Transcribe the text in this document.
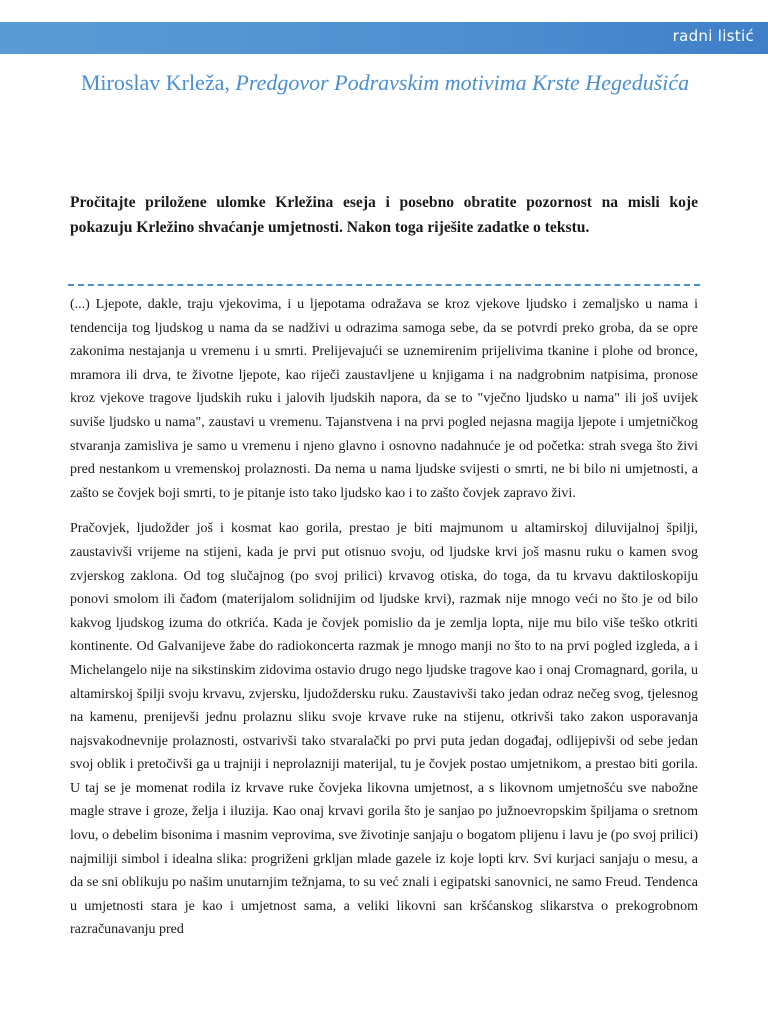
radni listić
Miroslav Krleža, Predgovor Podravskim motivima Krste Hegedušića
Pročitajte priložene ulomke Krležina eseja i posebno obratite pozornost na misli koje pokazuju Krležino shvaćanje umjetnosti. Nakon toga riješite zadatke o tekstu.

(...) Ljepote, dakle, traju vjekovima, i u ljepotama odražava se kroz vjekove ljudsko i zemaljsko u nama i tendencija tog ljudskog u nama da se nadživi u odrazima samoga sebe, da se potvrdi preko groba, da se opre zakonima nestajanja u vremenu i u smrti. Prelijevajući se uznemirenim prijelivima tkanine i plohe od bronce, mramora ili drva, te životne ljepote, kao riječi zaustavljene u knjigama i na nadgrobnim natpisima, pronose kroz vjekove tragove ljudskih ruku i jalovih ljudskih napora, da se to "vječno ljudsko u nama" ili još uvijek suviše ljudsko u nama", zaustavi u vremenu. Tajanstvena i na prvi pogled nejasna magija ljepote i umjetničkog stvaranja zamisliva je samo u vremenu i njeno glavno i osnovno nadahnuće je od početka: strah svega što živi pred nestankom u vremenskoj prolaznosti. Da nema u nama ljudske svijesti o smrti, ne bi bilo ni umjetnosti, a zašto se čovjek boji smrti, to je pitanje isto tako ljudsko kao i to zašto čovjek zapravo živi.

Pračovjek, ljudožder još i kosmat kao gorila, prestao je biti majmunom u altamirskoj diluvijalnoj špilji, zaustavivši vrijeme na stijeni, kada je prvi put otisnuo svoju, od ljudske krvi još masnu ruku o kamen svog zvjerskog zaklona. Od tog slučajnog (po svoj prilici) krvavog otiska, do toga, da tu krvavu daktiloskopiju ponovi smolom ili čađom (materijalom solidnijim od ljudske krvi), razmak nije mnogo veći no što je od bilo kakvog ljudskog izuma do otkrića. Kada je čovjek pomislio da je zemlja lopta, nije mu bilo više teško otkriti kontinente. Od Galvanijeve žabe do radiokoncerta razmak je mnogo manji no što to na prvi pogled izgleda, a i Michelangelo nije na sikstinskim zidovima ostavio drugo nego ljudske tragove kao i onaj Cromagnard, gorila, u altamirskoj špilji svoju krvavu, zvjersku, ljudoždersku ruku. Zaustavivši tako jedan odraz nečeg svog, tjelesnog na kamenu, prenijevši jednu prolaznu sliku svoje krvave ruke na stijenu, otkrivši tako zakon usporavanja najsvakodnevnije prolaznosti, ostvarivši tako stvaralački po prvi puta jedan događaj, odlijepivši od sebe jedan svoj oblik i pretočivši ga u trajniji i neprolazniji materijal, tu je čovjek postao umjetnikom, a prestao biti gorila. U taj se je momenat rodila iz krvave ruke čovjeka likovna umjetnost, a s likovnom umjetnošću sve nabožne magle strave i groze, želja i iluzija. Kao onaj krvavi gorila što je sanjao po južnoevropskim špiljama o sretnom lovu, o debelim bisonima i masnim veprovima, sve životinje sanjaju o bogatom plijenu i lavu je (po svoj prilici) najmiliji simbol i idealna slika: progriženi grkljan mlade gazele iz koje lopti krv. Svi kurjaci sanjaju o mesu, a da se sni oblikuju po našim unutarnjim težnjama, to su već znali i egipatski sanovnici, ne samo Freud. Tendenca u umjetnosti stara je kao i umjetnost sama, a veliki likovni san kršćanskog slikarstva o prekogrobnom razračunavanju pred
